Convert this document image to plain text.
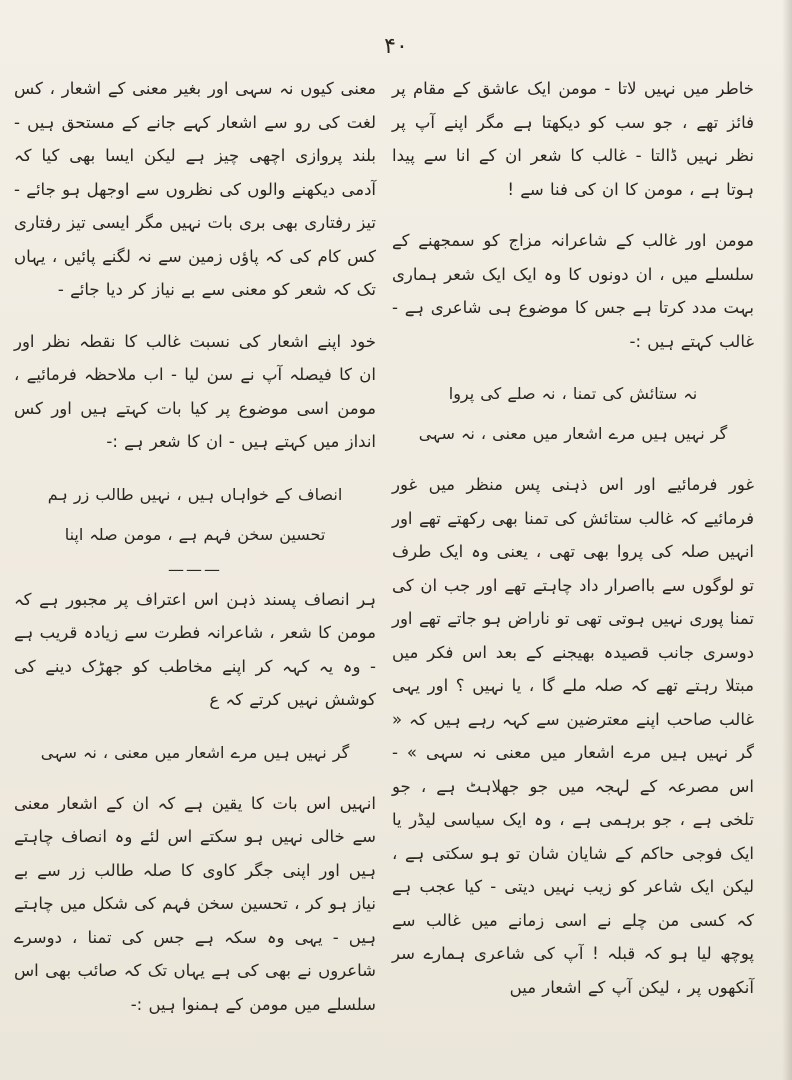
۴۰

خاطر میں نہیں لاتا - مومن ایک عاشق کے مقام پر فائز تھے ، جو سب کو دیکھتا ہے مگر اپنے آپ پر نظر نہیں ڈالتا - غالب کا شعر ان کے انا سے پیدا ہوتا ہے ، مومن کا ان کی فنا سے !

مومن اور غالب کے شاعرانہ مزاج کو سمجھنے کے سلسلے میں ، ان دونوں کا وہ ایک ایک شعر ہماری بہت مدد کرتا ہے جس کا موضوع ہی شاعری ہے - غالب کہتے ہیں :-

نہ ستائش کی تمنا ، نہ صلے کی پروا

گر نہیں ہیں مرے اشعار میں معنی ، نہ سہی

غور فرمائیے اور اس ذہنی پس منظر میں غور فرمائیے کہ غالب ستائش کی تمنا بھی رکھتے تھے اور انہیں صلہ کی پروا بھی تھی ، یعنی وہ ایک طرف تو لوگوں سے بااصرار داد چاہتے تھے اور جب ان کی تمنا پوری نہیں ہوتی تھی تو ناراض ہو جاتے تھے اور دوسری جانب قصیدہ بھیجنے کے بعد اس فکر میں مبتلا رہتے تھے کہ صلہ ملے گا ، یا نہیں ؟ اور یہی غالب صاحب اپنے معترضین سے کہہ رہے ہیں کہ « گر نہیں ہیں مرے اشعار میں معنی نہ سہی » - اس مصرعہ کے لہجہ میں جو جھلاہٹ ہے ، جو تلخی ہے ، جو برہمی ہے ، وہ ایک سیاسی لیڈر یا ایک فوجی حاکم کے شایان شان تو ہو سکتی ہے ، لیکن ایک شاعر کو زیب نہیں دیتی - کیا عجب ہے کہ کسی من چلے نے اسی زمانے میں غالب سے پوچھ لیا ہو کہ قبلہ ! آپ کی شاعری ہمارے سر آنکھوں پر ، لیکن آپ کے اشعار میں

معنی کیوں نہ سہی اور بغیر معنی کے اشعار ، کس لغت کی رو سے اشعار کہے جانے کے مستحق ہیں - بلند پروازی اچھی چیز ہے لیکن ایسا بھی کیا کہ آدمی دیکھنے والوں کی نظروں سے اوجھل ہو جائے - تیز رفتاری بھی بری بات نہیں مگر ایسی تیز رفتاری کس کام کی کہ پاؤں زمین سے نہ لگنے پائیں ، یہاں تک کہ شعر کو معنی سے بے نیاز کر دیا جائے -

خود اپنے اشعار کی نسبت غالب کا نقطہ نظر اور ان کا فیصلہ آپ نے سن لیا - اب ملاحظہ فرمائیے ، مومن اسی موضوع پر کیا بات کہتے ہیں اور کس انداز میں کہتے ہیں - ان کا شعر ہے :-

انصاف کے خواہاں ہیں ، نہیں طالب زر ہم

تحسین سخن فہم ہے ، مومن صلہ اپنا

———

ہر انصاف پسند ذہن اس اعتراف پر مجبور ہے کہ مومن کا شعر ، شاعرانہ فطرت سے زیادہ قریب ہے - وہ یہ کہہ کر اپنے مخاطب کو جھڑک دینے کی کوشش نہیں کرتے کہ ع

گر نہیں ہیں مرے اشعار میں معنی ، نہ سہی

انہیں اس بات کا یقین ہے کہ ان کے اشعار معنی سے خالی نہیں ہو سکتے اس لئے وہ انصاف چاہتے ہیں اور اپنی جگر کاوی کا صلہ طالب زر سے بے نیاز ہو کر ، تحسین سخن فہم کی شکل میں چاہتے ہیں - یہی وہ سکہ ہے جس کی تمنا ، دوسرے شاعروں نے بھی کی ہے یہاں تک کہ صائب بھی اس سلسلے میں مومن کے ہمنوا ہیں :-
